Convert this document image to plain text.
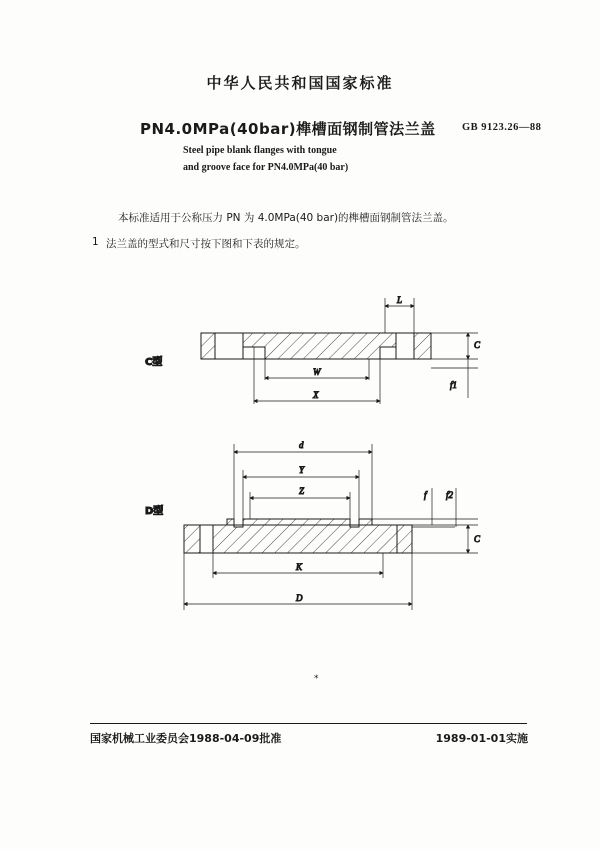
中华人民共和国国家标准
PN4.0MPa(40bar)榫槽面钢制管法兰盖	GB 9123.26—88
Steel pipe blank flanges with tongue
and groove face for PN4.0MPa(40 bar)
本标准适用于公称压力 PN 为 4.0MPa(40 bar)的榫槽面钢制管法兰盖。
1 法兰盖的型式和尺寸按下图和下表的规定。
C型
L
C
f1
W
X
D型
d
Y
Z	f f2
C
K
D
*
国家机械工业委员会1988-04-09批准	1989-01-01实施
